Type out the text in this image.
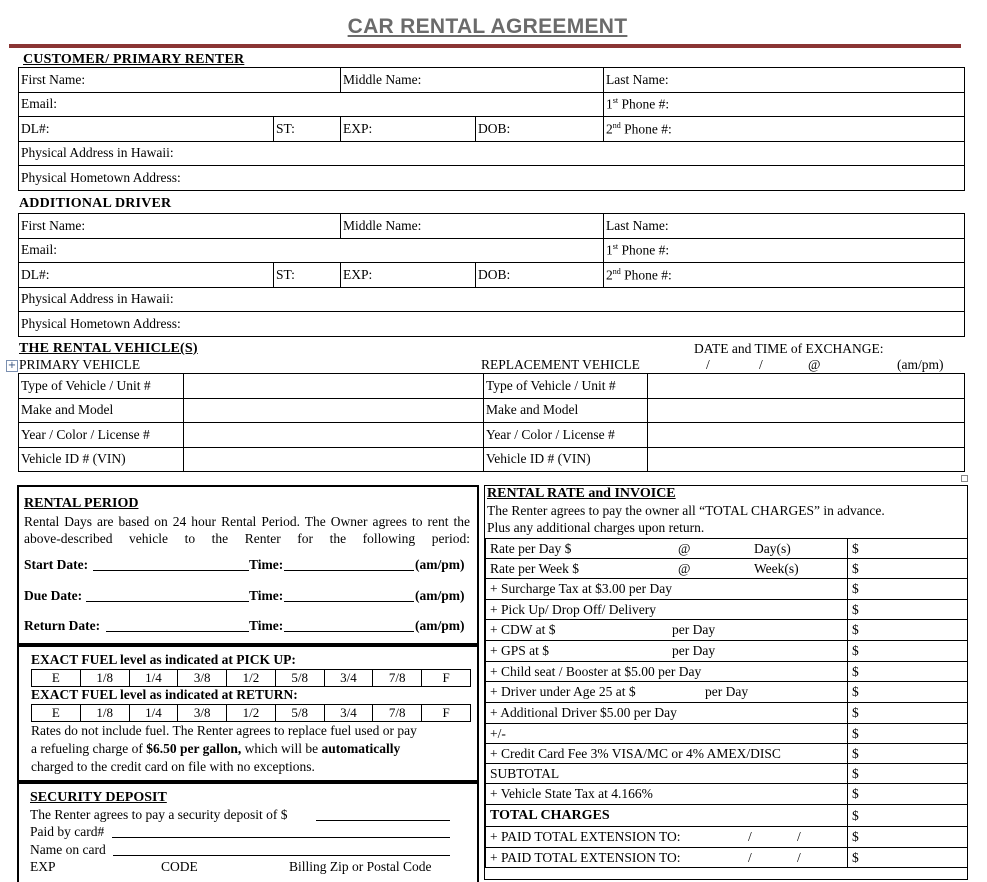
CAR RENTAL AGREEMENT
CUSTOMER/ PRIMARY RENTER
First Name:		Middle Name:		Last Name:
Email:				1st Phone #:
DL#:	ST:	EXP:	DOB:	2nd Phone #:
Physical Address in Hawaii:				
Physical Hometown Address:				
ADDITIONAL DRIVER
First Name:		Middle Name:		Last Name:
Email:				1st Phone #:
DL#:	ST:	EXP:	DOB:	2nd Phone #:
Physical Address in Hawaii:				
Physical Hometown Address:				
THE RENTAL VEHICLE(S)	DATE and TIME of EXCHANGE:
+ PRIMARY VEHICLE	REPLACEMENT VEHICLE	/	/	@	(am/pm)
Type of Vehicle / Unit #		Type of Vehicle / Unit #	
Make and Model		Make and Model	
Year / Color / License #		Year / Color / License #	
Vehicle ID # (VIN)		Vehicle ID # (VIN)	
RENTAL PERIOD
Rental Days are based on 24 hour Rental Period. The Owner agrees to rent the above-described vehicle to the Renter for the following period:
Start Date:	Time:	(am/pm)
Due Date:	Time:	(am/pm)
Return Date:	Time:	(am/pm)
EXACT FUEL level as indicated at PICK UP:
E	1/8	1/4	3/8	1/2	5/8	3/4	7/8	F
EXACT FUEL level as indicated at RETURN:
E	1/8	1/4	3/8	1/2	5/8	3/4	7/8	F
Rates do not include fuel. The Renter agrees to replace fuel used or pay
a refueling charge of $6.50 per gallon, which will be automatically
charged to the credit card on file with no exceptions.
SECURITY DEPOSIT
The Renter agrees to pay a security deposit of $
Paid by card#
Name on card
EXP	CODE	Billing Zip or Postal Code
RENTAL RATE and INVOICE
The Renter agrees to pay the owner all “TOTAL CHARGES” in advance.
Plus any additional charges upon return.
Rate per Day $ @ Day(s)	$
Rate per Week $ @ Week(s)	$
+ Surcharge Tax at $3.00 per Day	$
+ Pick Up/ Drop Off/ Delivery	$
+ CDW at $ per Day	$
+ GPS at $ per Day	$
+ Child seat / Booster at $5.00 per Day	$
+ Driver under Age 25 at $ per Day	$
+ Additional Driver $5.00 per Day	$
+/-	$
+ Credit Card Fee 3% VISA/MC or 4% AMEX/DISC	$
SUBTOTAL	$
+ Vehicle State Tax at 4.166%	$
TOTAL CHARGES	$
+ PAID TOTAL EXTENSION TO: / /	$
+ PAID TOTAL EXTENSION TO: / /	$
